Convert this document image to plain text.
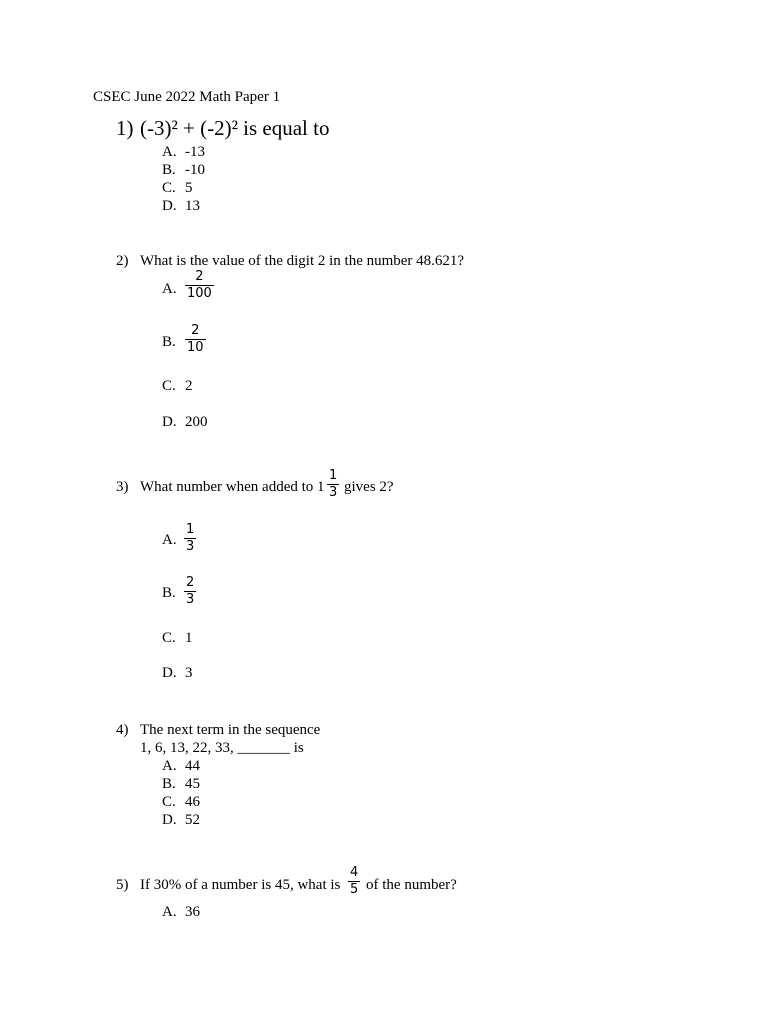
CSEC June 2022 Math Paper 1
1) (-3)² + (-2)² is equal to
A. -13
B. -10
C. 5
D. 13
2) What is the value of the digit 2 in the number 48.621?
A. $\frac{2}{100}$
B. $\frac{2}{10}$
C. 2
D. 200
3) What number when added to $1 \frac{1}{3}$ gives 2?
A. $\frac{1}{3}$
B. $\frac{2}{3}$
C. 1
D. 3
4) The next term in the sequence
1, 6, 13, 22, 33, _______ is
A. 44
B. 45
C. 46
D. 52
5) If 30% of a number is 45, what is $\frac{4}{5}$ of the number?
A. 36
